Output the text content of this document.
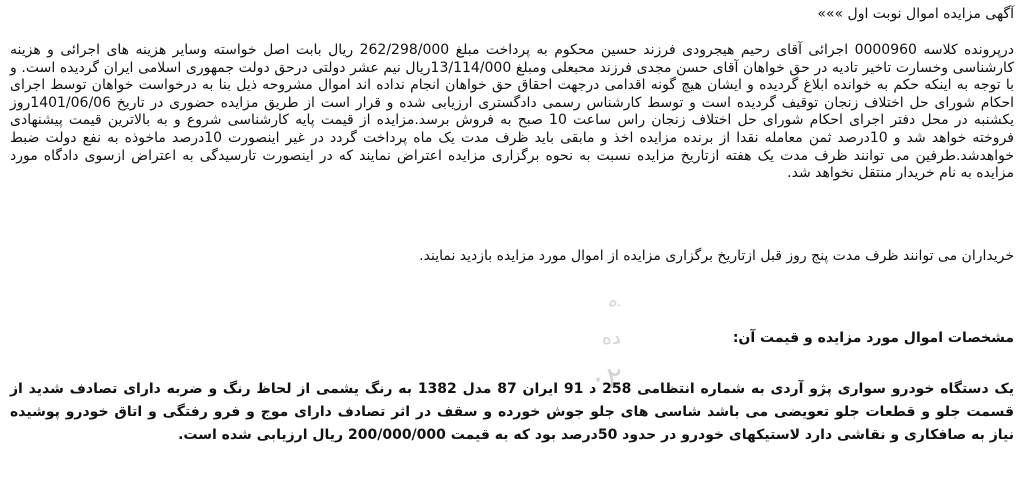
ه
ده
۰۲
آگهی مزایده اموال نوبت اول »»»

درپرونده کلاسه 0000960 اجرائی آقای رحیم هیجرودی فرزند حسین محکوم به پرداخت مبلغ 262/298/000 ریال بابت اصل خواسته وسایر هزینه های اجرائی و هزینه کارشناسی وخسارت تاخیر تادیه در حق خواهان آقای حسن مجدی فرزند محبعلی ومبلغ 13/114/000ریال نیم عشر دولتی درحق دولت جمهوری اسلامی ایران گردیده است. و با توجه به اینکه حکم به خوانده ابلاغ گردیده و ایشان هیچ گونه اقدامی درجهت احقاق حق خواهان انجام نداده اند اموال مشروحه ذیل بنا به درخواست خواهان توسط اجرای احکام شورای حل اختلاف زنجان توقیف گردیده است و توسط کارشناس رسمی دادگستری ارزیابی شده و قرار است از طریق مزایده حضوری در تاریخ 1401/06/06روز یکشنبه در محل دفتر اجرای احکام شورای حل اختلاف زنجان راس ساعت 10 صبح به فروش برسد.مزایده از قیمت پایه کارشناسی شروع و به بالاترین قیمت پیشنهادی فروخته خواهد شد و 10درصد ثمن معامله نقدا از برنده مزایده اخذ و مابقی باید ظرف مدت یک ماه پرداخت گردد در غیر اینصورت 10درصد ماخوذه به نفع دولت ضبط خواهدشد.طرفین می توانند ظرف مدت یک هفته ازتاریخ مزایده نسبت به نحوه برگزاری مزایده اعتراض نمایند که در اینصورت تارسیدگی به اعتراض ازسوی دادگاه مورد مزایده به نام خریدار منتقل نخواهد شد.

خریداران می توانند ظرف مدت پنج روز قبل ازتاریخ برگزاری مزایده از اموال مورد مزایده بازدید نمایند.

مشخصات اموال مورد مزایده و قیمت آن:

یک دستگاه خودرو سواری پژو آردی به شماره انتظامی 258 د 91 ایران 87 مدل 1382 به رنگ یشمی از لحاظ رنگ و ضربه دارای تصادف شدید از قسمت جلو و قطعات جلو تعویضی می باشد شاسی های جلو جوش خورده و سقف در اثر تصادف دارای موج و فرو رفتگی و اتاق خودرو پوشیده نیاز به صافکاری و نقاشی دارد لاستیکهای خودرو در حدود 50درصد بود که به قیمت 200/000/000 ریال ارزیابی شده است.
